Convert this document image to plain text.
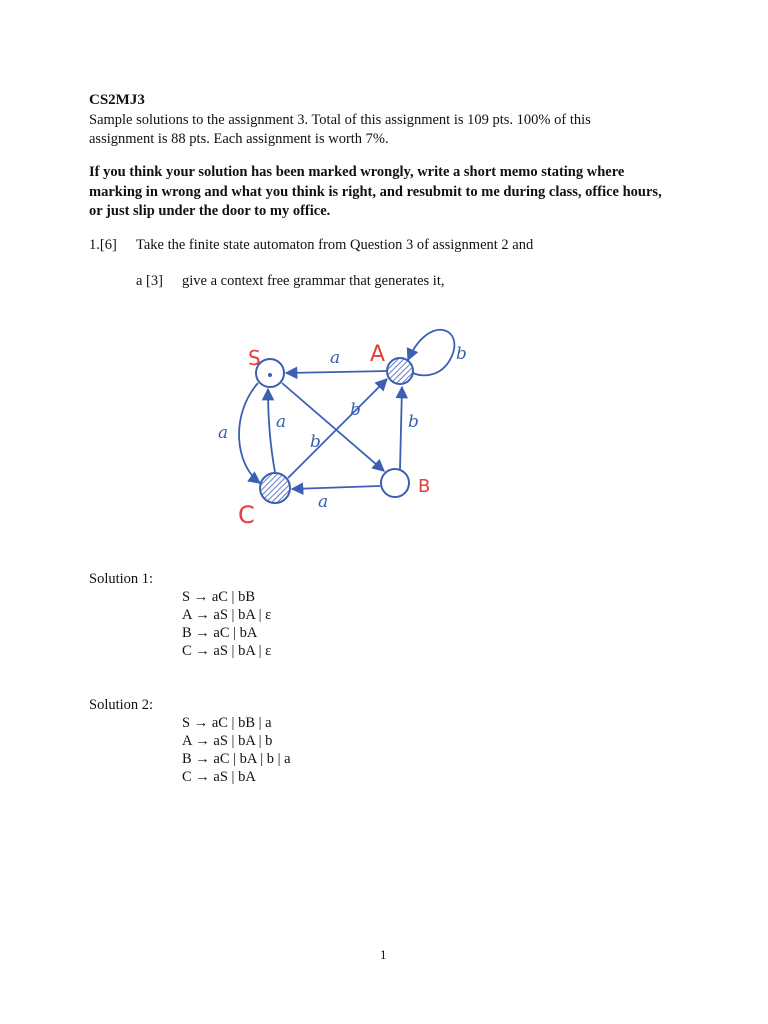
CS2MJ3
Sample solutions to the assignment 3. Total of this assignment is 109 pts. 100% of this assignment is 88 pts. Each assignment is worth 7%.
If you think your solution has been marked wrongly, write a short memo stating where marking in wrong and what you think is right, and resubmit to me during class, office hours, or just slip under the door to my office.
1.[6] Take the finite state automaton from Question 3 of assignment 2 and
a [3] give a context free grammar that generates it,
S	A
B
C
a	b
a
a
b
b
b
a
Solution 1:
S → aC | bB
A → aS | bA | ε
B → aC | bA
C → aS | bA | ε
Solution 2:
S → aC | bB | a
A → aS | bA | b
B → aC | bA | b | a
C → aS | bA
1
